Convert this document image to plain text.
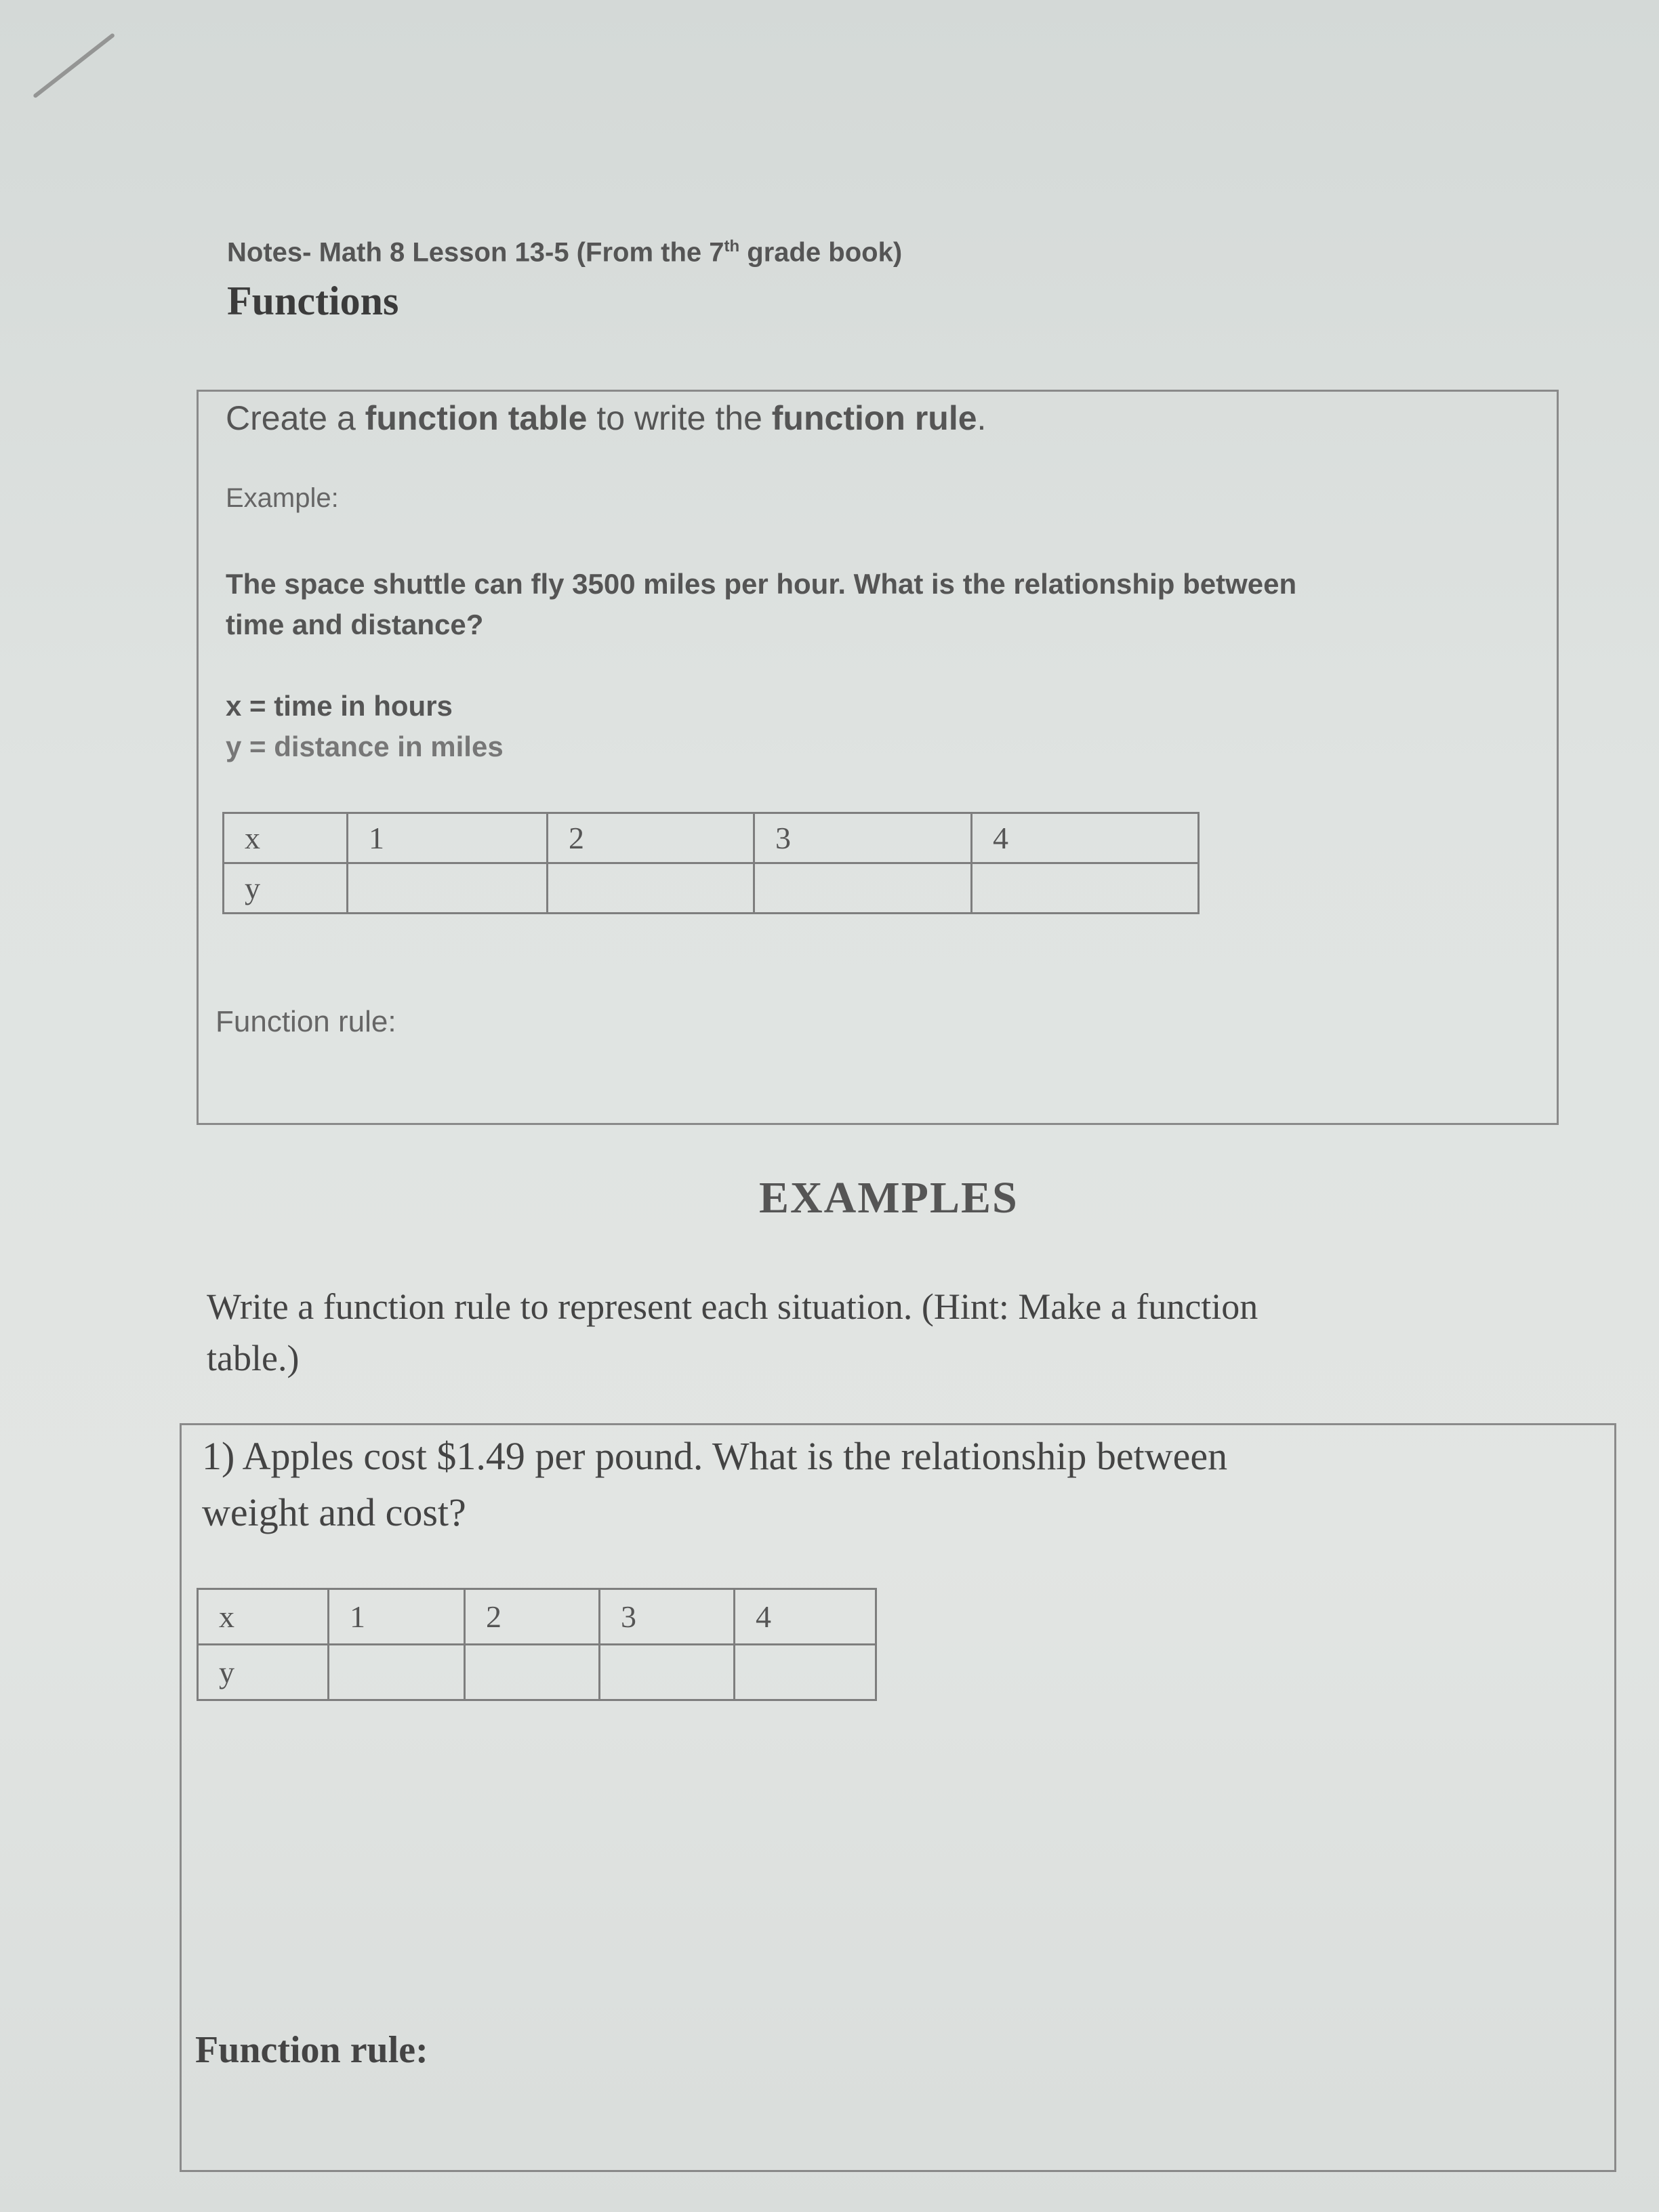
Notes- Math 8 Lesson 13-5 (From the 7th grade book)
Functions
Create a function table to write the function rule.
Example:
The space shuttle can fly 3500 miles per hour. What is the relationship between
time and distance?
x = time in hours
y = distance in miles
x	1	2	3	4
y				
Function rule:
EXAMPLES
Write a function rule to represent each situation. (Hint: Make a function
table.)
1) Apples cost $1.49 per pound. What is the relationship between
weight and cost?
x	1	2	3	4
y				
Function rule:
